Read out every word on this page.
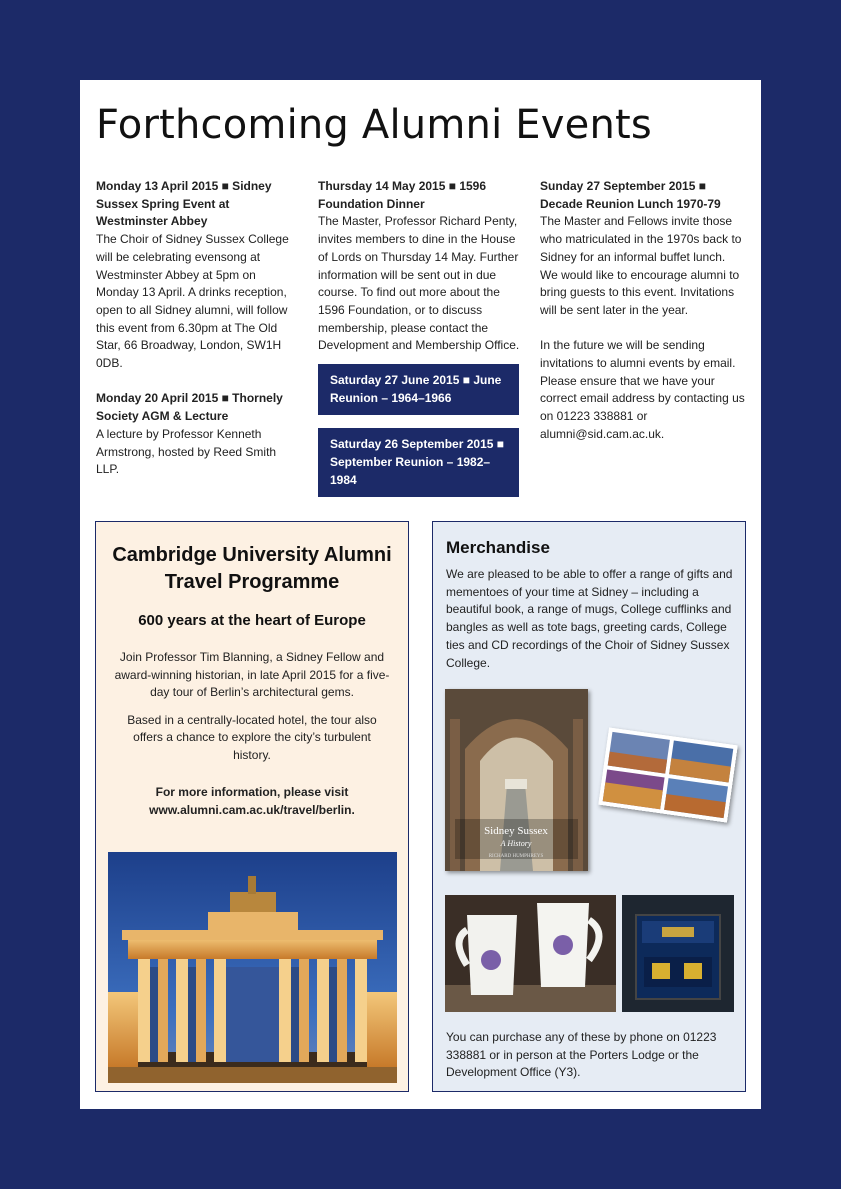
Forthcoming Alumni Events

Monday 13 April 2015 ■ Sidney Sussex Spring Event at Westminster Abbey
The Choir of Sidney Sussex College will be celebrating evensong at Westminster Abbey at 5pm on Monday 13 April. A drinks reception, open to all Sidney alumni, will follow this event from 6.30pm at The Old Star, 66 Broadway, London, SW1H 0DB.

Monday 20 April 2015 ■ Thornely Society AGM & Lecture
A lecture by Professor Kenneth Armstrong, hosted by Reed Smith LLP.

Thursday 14 May 2015 ■ 1596 Foundation Dinner
The Master, Professor Richard Penty, invites members to dine in the House of Lords on Thursday 14 May. Further information will be sent out in due course. To find out more about the 1596 Foundation, or to discuss membership, please contact the Development and Membership Office.

Saturday 27 June 2015 ■ June Reunion – 1964–1966
Saturday 26 September 2015 ■ September Reunion – 1982–1984

Sunday 27 September 2015 ■ Decade Reunion Lunch 1970-79
The Master and Fellows invite those who matriculated in the 1970s back to Sidney for an informal buffet lunch. We would like to encourage alumni to bring guests to this event. Invitations will be sent later in the year.

In the future we will be sending invitations to alumni events by email. Please ensure that we have your correct email address by contacting us on 01223 338881 or alumni@sid.cam.ac.uk.

Cambridge University Alumni Travel Programme
600 years at the heart of Europe

Join Professor Tim Blanning, a Sidney Fellow and award-winning historian, in late April 2015 for a five-day tour of Berlin’s architectural gems.

Based in a centrally-located hotel, the tour also offers a chance to explore the city’s turbulent history.

For more information, please visit www.alumni.cam.ac.uk/travel/berlin.

Merchandise

We are pleased to be able to offer a range of gifts and mementoes of your time at Sidney – including a beautiful book, a range of mugs, College cufflinks and bangles as well as tote bags, greeting cards, College ties and CD recordings of the Choir of Sidney Sussex College.

Sidney Sussex
A History
RICHARD HUMPHREYS

You can purchase any of these by phone on 01223 338881 or in person at the Porters Lodge or the Development Office (Y3).
